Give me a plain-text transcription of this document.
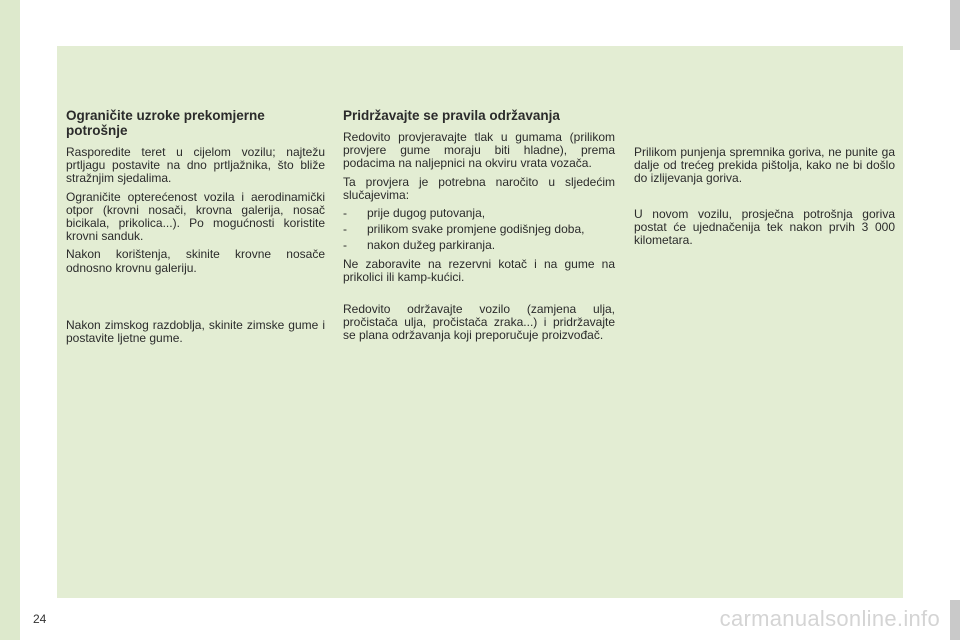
Ograničite uzroke prekomjerne potrošnje

Rasporedite teret u cijelom vozilu; najtežu prtljagu postavite na dno prtljažnika, što bliže stražnjim sjedalima.

Ograničite opterećenost vozila i aerodinamički otpor (krovni nosači, krovna galerija, nosač bicikala, prikolica...). Po mogućnosti koristite krovni sanduk.

Nakon korištenja, skinite krovne nosače odnosno krovnu galeriju.

Nakon zimskog razdoblja, skinite zimske gume i postavite ljetne gume.

Pridržavajte se pravila održavanja

Redovito provjeravajte tlak u gumama (prilikom provjere gume moraju biti hladne), prema podacima na naljepnici na okviru vrata vozača.

Ta provjera je potrebna naročito u sljedećim slučajevima:

- prije dugog putovanja,
- prilikom svake promjene godišnjeg doba,
- nakon dužeg parkiranja.

Ne zaboravite na rezervni kotač i na gume na prikolici ili kamp-kućici.

Redovito održavajte vozilo (zamjena ulja, pročistača ulja, pročistača zraka...) i pridržavajte se plana održavanja koji preporučuje proizvođač.

Prilikom punjenja spremnika goriva, ne punite ga dalje od trećeg prekida pištolja, kako ne bi došlo do izlijevanja goriva.

U novom vozilu, prosječna potrošnja goriva postat će ujednačenija tek nakon prvih 3 000 kilometara.

24	carmanualsonline.info
